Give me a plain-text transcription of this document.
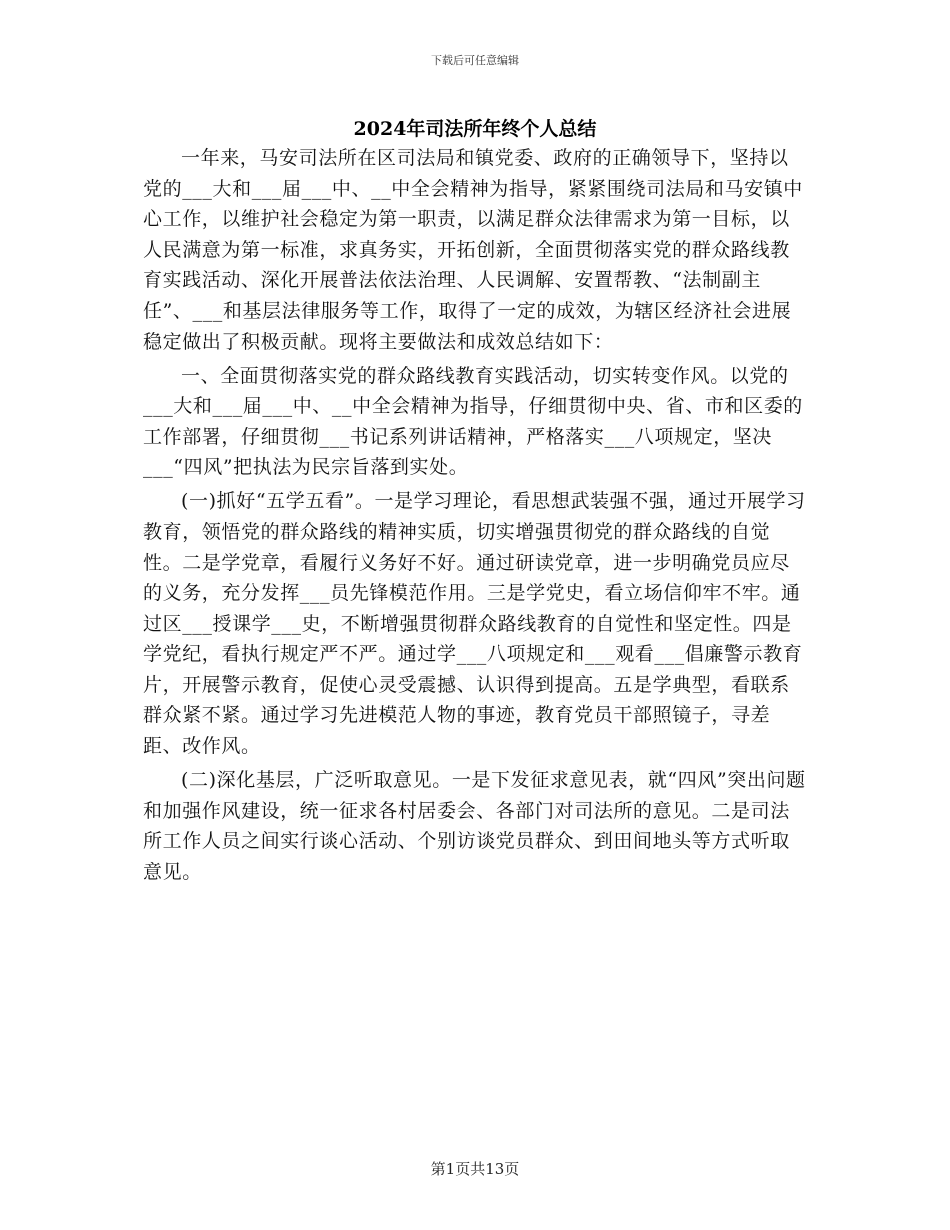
下载后可任意编辑
2024年司法所年终个人总结

一年来，马安司法所在区司法局和镇党委、政府的正确领导下，坚持以党的___大和___届___中、__中全会精神为指导，紧紧围绕司法局和马安镇中心工作，以维护社会稳定为第一职责，以满足群众法律需求为第一目标，以人民满意为第一标准，求真务实，开拓创新，全面贯彻落实党的群众路线教育实践活动、深化开展普法依法治理、人民调解、安置帮教、“法制副主任”、___和基层法律服务等工作，取得了一定的成效，为辖区经济社会进展稳定做出了积极贡献。现将主要做法和成效总结如下：

一、全面贯彻落实党的群众路线教育实践活动，切实转变作风。以党的___大和___届___中、__中全会精神为指导，仔细贯彻中央、省、市和区委的工作部署，仔细贯彻___书记系列讲话精神，严格落实___八项规定，坚决___“四风”把执法为民宗旨落到实处。

(一)抓好“五学五看”。一是学习理论，看思想武装强不强，通过开展学习教育，领悟党的群众路线的精神实质，切实增强贯彻党的群众路线的自觉性。二是学党章，看履行义务好不好。通过研读党章，进一步明确党员应尽的义务，充分发挥___员先锋模范作用。三是学党史，看立场信仰牢不牢。通过区___授课学___史，不断增强贯彻群众路线教育的自觉性和坚定性。四是学党纪，看执行规定严不严。通过学___八项规定和___观看___倡廉警示教育片，开展警示教育，促使心灵受震撼、认识得到提高。五是学典型，看联系群众紧不紧。通过学习先进模范人物的事迹，教育党员干部照镜子，寻差距、改作风。

(二)深化基层，广泛听取意见。一是下发征求意见表，就“四风”突出问题和加强作风建设，统一征求各村居委会、各部门对司法所的意见。二是司法所工作人员之间实行谈心活动、个别访谈党员群众、到田间地头等方式听取意见。

第1页共13页
